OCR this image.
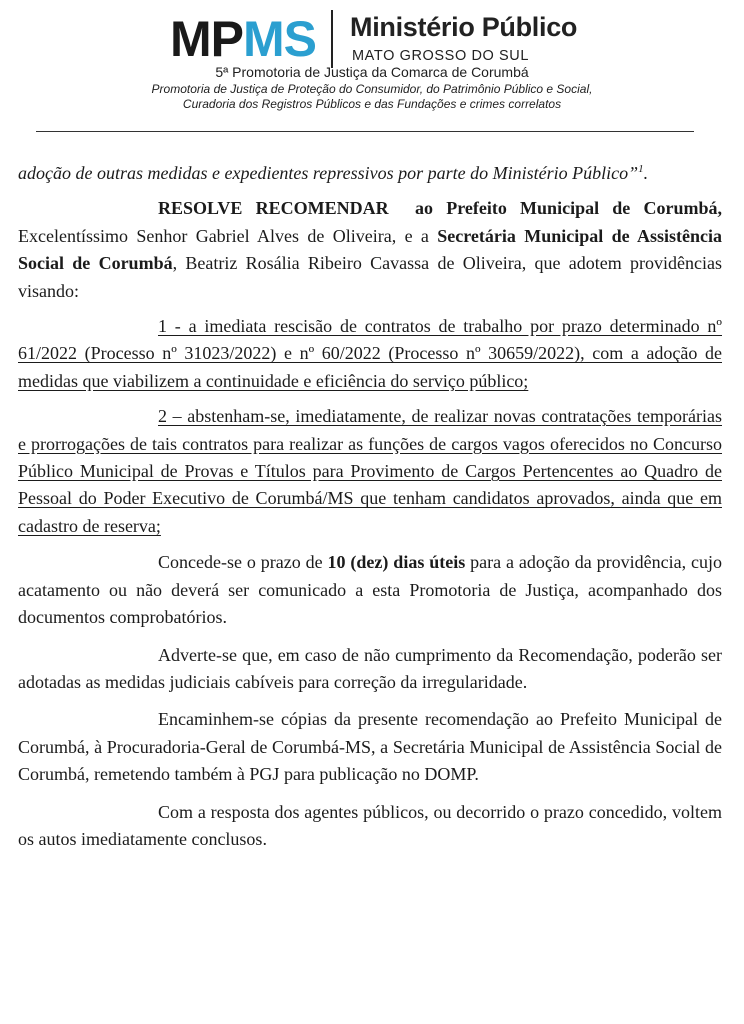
MPMS Ministério Público
MATO GROSSO DO SUL
5ª Promotoria de Justiça da Comarca de Corumbá
Promotoria de Justiça de Proteção do Consumidor, do Patrimônio Público e Social,
Curadoria dos Registros Públicos e das Fundações e crimes correlatos

adoção de outras medidas e expedientes repressivos por parte do Ministério Público”$^1$.

RESOLVE RECOMENDAR ao Prefeito Municipal de Corumbá, Excelentíssimo Senhor Gabriel Alves de Oliveira, e a Secretária Municipal de Assistência Social de Corumbá, Beatriz Rosália Ribeiro Cavassa de Oliveira, que adotem providências visando:

1 - a imediata rescisão de contratos de trabalho por prazo determinado nº 61/2022 (Processo nº 31023/2022) e nº 60/2022 (Processo nº 30659/2022), com a adoção de medidas que viabilizem a continuidade e eficiência do serviço público;

2 – abstenham-se, imediatamente, de realizar novas contratações temporárias e prorrogações de tais contratos para realizar as funções de cargos vagos oferecidos no Concurso Público Municipal de Provas e Títulos para Provimento de Cargos Pertencentes ao Quadro de Pessoal do Poder Executivo de Corumbá/MS que tenham candidatos aprovados, ainda que em cadastro de reserva;

Concede-se o prazo de 10 (dez) dias úteis para a adoção da providência, cujo acatamento ou não deverá ser comunicado a esta Promotoria de Justiça, acompanhado dos documentos comprobatórios.

Adverte-se que, em caso de não cumprimento da Recomendação, poderão ser adotadas as medidas judiciais cabíveis para correção da irregularidade.

Encaminhem-se cópias da presente recomendação ao Prefeito Municipal de Corumbá, à Procuradoria-Geral de Corumbá-MS, a Secretária Municipal de Assistência Social de Corumbá, remetendo também à PGJ para publicação no DOMP.

Com a resposta dos agentes públicos, ou decorrido o prazo concedido, voltem os autos imediatamente conclusos.
